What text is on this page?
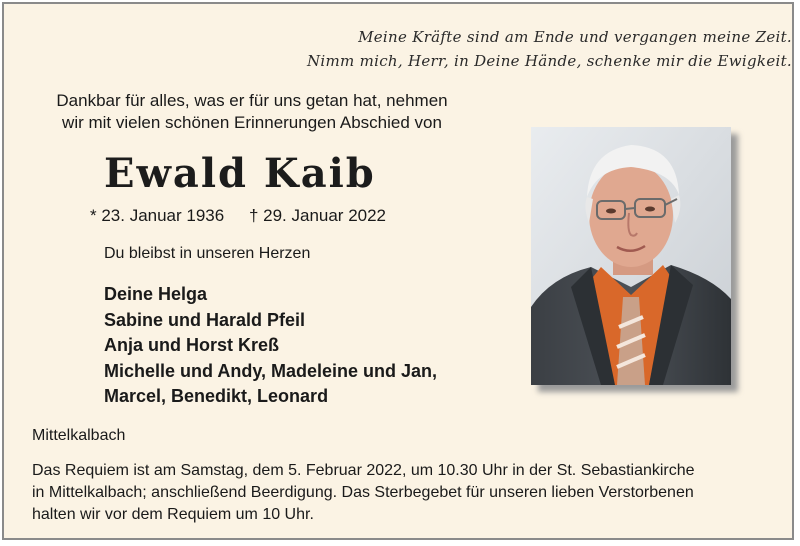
Meine Kräfte sind am Ende und vergangen meine Zeit.
Nimm mich, Herr, in Deine Hände, schenke mir die Ewigkeit.
Dankbar für alles, was er für uns getan hat, nehmen
wir mit vielen schönen Erinnerungen Abschied von
Ewald Kaib
* 23. Januar 1936 † 29. Januar 2022
Du bleibst in unseren Herzen
Deine Helga
Sabine und Harald Pfeil
Anja und Horst Kreß
Michelle und Andy, Madeleine und Jan,
Marcel, Benedikt, Leonard
Mittelkalbach
Das Requiem ist am Samstag, dem 5. Februar 2022, um 10.30 Uhr in der St. Sebastiankirche
in Mittelkalbach; anschließend Beerdigung. Das Sterbegebet für unseren lieben Verstorbenen
halten wir vor dem Requiem um 10 Uhr.
